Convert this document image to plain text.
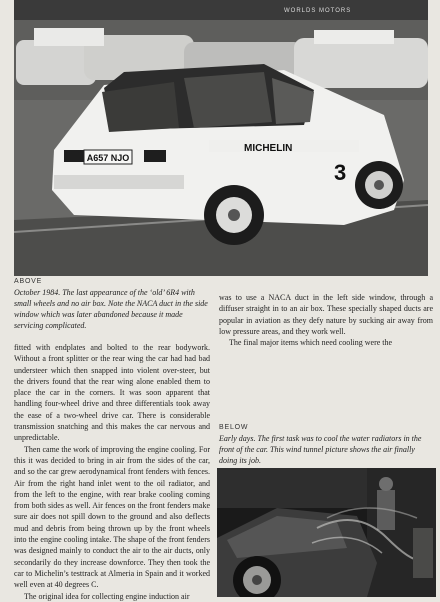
A657 NJO
MICHELIN
3
WORLDS MOTORS
ABOVE
October 1984. The last appearance of the ‘old’ 6R4 with small wheels and no air box. Note the NACA duct in the side window which was later abandoned because it made servicing complicated.

fitted with endplates and bolted to the rear bodywork. Without a front splitter or the rear wing the car had had bad understeer which then snapped into violent over-steer, but the drivers found that the rear wing alone enabled them to place the car in the corners. It was soon apparent that handling four-wheel drive and three differentials took away the ease of a two-wheel drive car. There is considerable transmission snatching and this makes the car nervous and unpredictable.

Then came the work of improving the engine cooling. For this it was decided to bring in air from the sides of the car, and so the car grew aerodynamical front fenders with fences. Air from the right hand inlet went to the oil radiator, and from the left to the engine, with rear brake cooling coming from both sides as well. Air fences on the front fenders make sure air does not spill down to the ground and also deflects mud and debris from being thrown up by the front wheels into the engine cooling intake. The shape of the front fenders was designed mainly to conduct the air to the air ducts, only secondarily do they increase downforce. They then took the car to Michelin’s testtrack at Almeria in Spain and it worked well even at 40 degrees C.

The original idea for collecting engine induction air

was to use a NACA duct in the left side window, through a diffuser straight in to an air box. These specially shaped ducts are popular in aviation as they defy nature by sucking air away from low pressure areas, and they work well.

The final major items which need cooling were the

BELOW
Early days. The first task was to cool the water radiators in the front of the car. This wind tunnel picture shows the air finally doing its job.
